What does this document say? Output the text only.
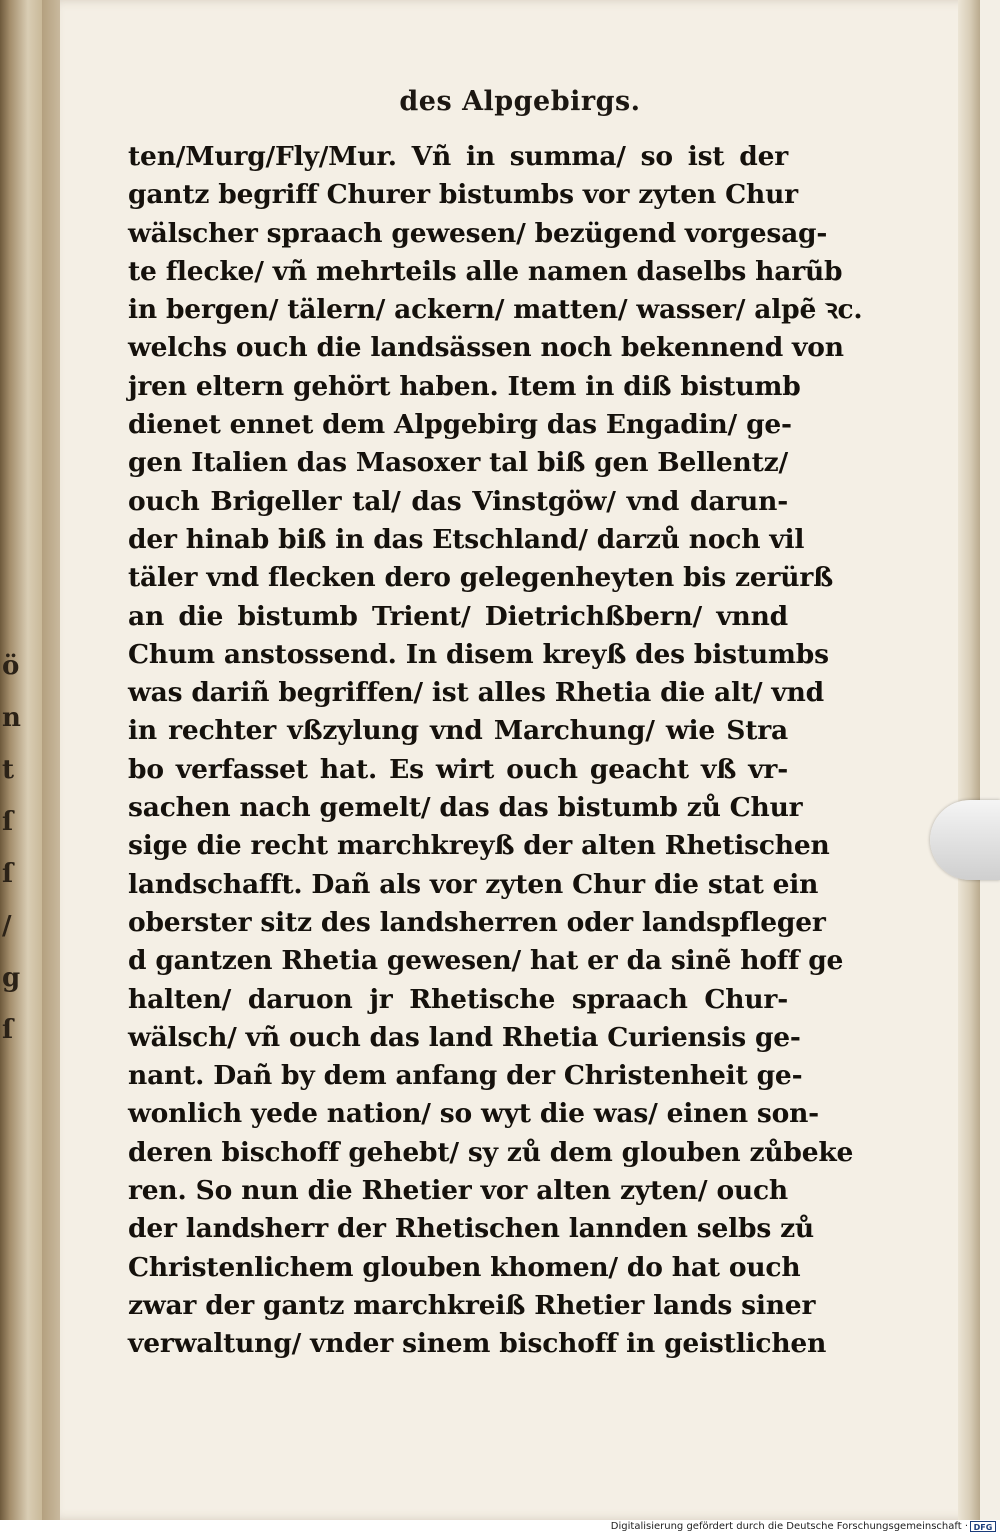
ö
n
t
ſ
ſ
/
g
ſ
des Alpgebirgs.
ten/Murg/Fly/Mur. Vñ in summa/ so ist der
gantz begriff Churer bistumbs vor zyten Chur
wälscher spraach gewesen/ bezügend vorgesag-
te flecke/ vñ mehrteils alle namen daselbs harũb
in bergen/ tälern/ ackern/ matten/ wasser/ alpẽ ꝛc.
welchs ouch die landsässen noch bekennend von
jren eltern gehört haben. Item in diß bistumb
dienet ennet dem Alpgebirg das Engadin/ ge-
gen Italien das Masoxer tal biß gen Bellentz/
ouch Brigeller tal/ das Vinstgöw/ vnd darun-
der hinab biß in das Etschland/ darzů noch vil
täler vnd flecken dero gelegenheyten bis zerürß
an die bistumb Trient/ Dietrichßbern/ vnnd
Chum anstossend. In disem kreyß des bistumbs
was dariñ begriffen/ ist alles Rhetia die alt/ vnd
in rechter vßzylung vnd Marchung/ wie Stra
bo verfasset hat. Es wirt ouch geacht vß vr-
sachen nach gemelt/ das das bistumb zů Chur
sige die recht marchkreyß der alten Rhetischen
landschafft. Dañ als vor zyten Chur die stat ein
oberster sitz des landsherren oder landspfleger
d gantzen Rhetia gewesen/ hat er da sinẽ hoff ge
halten/ daruon jr Rhetische spraach Chur-
wälsch/ vñ ouch das land Rhetia Curiensis ge-
nant. Dañ by dem anfang der Christenheit ge-
wonlich yede nation/ so wyt die was/ einen son-
deren bischoff gehebt/ sy zů dem glouben zůbeke
ren. So nun die Rhetier vor alten zyten/ ouch
der landsherr der Rhetischen lannden selbs zů
Christenlichem glouben khomen/ do hat ouch
zwar der gantz marchkreiß Rhetier lands siner
verwaltung/ vnder sinem bischoff in geistlichen
Digitalisierung gefördert durch die Deutsche Forschungsgemeinschaft · DFG
